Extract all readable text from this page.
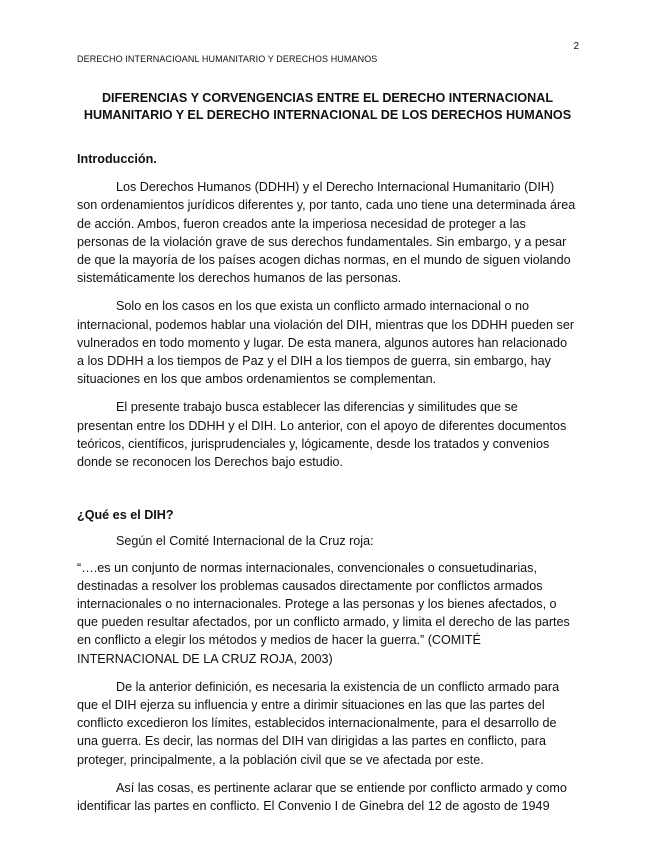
2
DERECHO INTERNACIOANL HUMANITARIO Y DERECHOS HUMANOS
DIFERENCIAS Y CORVENGENCIAS ENTRE EL DERECHO INTERNACIONAL HUMANITARIO Y EL DERECHO INTERNACIONAL DE LOS DERECHOS HUMANOS
Introducción.

Los Derechos Humanos (DDHH) y el Derecho Internacional Humanitario (DIH) son ordenamientos jurídicos diferentes y, por tanto, cada uno tiene una determinada área de acción. Ambos, fueron creados ante la imperiosa necesidad de proteger a las personas de la violación grave de sus derechos fundamentales. Sin embargo, y a pesar de que la mayoría de los países acogen dichas normas, en el mundo de siguen violando sistemáticamente los derechos humanos de las personas.

Solo en los casos en los que exista un conflicto armado internacional o no internacional, podemos hablar una violación del DIH, mientras que los DDHH pueden ser vulnerados en todo momento y lugar. De esta manera, algunos autores han relacionado a los DDHH a los tiempos de Paz y el DIH a los tiempos de guerra, sin embargo, hay situaciones en los que ambos ordenamientos se complementan.

El presente trabajo busca establecer las diferencias y similitudes que se presentan entre los DDHH y el DIH. Lo anterior, con el apoyo de diferentes documentos teóricos, científicos, jurisprudenciales y, lógicamente, desde los tratados y convenios donde se reconocen los Derechos bajo estudio.

¿Qué es el DIH?

Según el Comité Internacional de la Cruz roja:

“….es un conjunto de normas internacionales, convencionales o consuetudinarias, destinadas a resolver los problemas causados directamente por conflictos armados internacionales o no internacionales. Protege a las personas y los bienes afectados, o que pueden resultar afectados, por un conflicto armado, y limita el derecho de las partes en conflicto a elegir los métodos y medios de hacer la guerra.” (COMITÉ INTERNACIONAL DE LA CRUZ ROJA, 2003)

De la anterior definición, es necesaria la existencia de un conflicto armado para que el DIH ejerza su influencia y entre a dirimir situaciones en las que las partes del conflicto excedieron los límites, establecidos internacionalmente, para el desarrollo de una guerra. Es decir, las normas del DIH van dirigidas a las partes en conflicto, para proteger, principalmente, a la población civil que se ve afectada por este.

Así las cosas, es pertinente aclarar que se entiende por conflicto armado y como identificar las partes en conflicto. El Convenio I de Ginebra del 12 de agosto de 1949
